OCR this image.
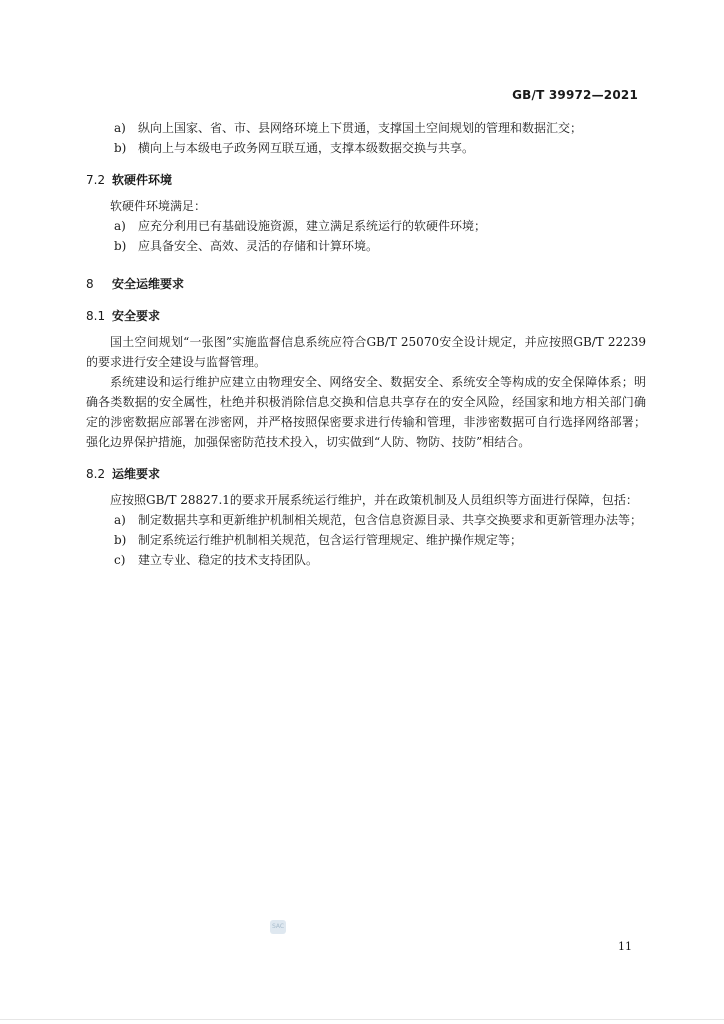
GB/T 39972—2021
a)	纵向上国家、省、市、县网络环境上下贯通，支撑国土空间规划的管理和数据汇交；
b) 横向上与本级电子政务网互联互通，支撑本级数据交换与共享。
7.2 软硬件环境

软硬件环境满足：

a)	应充分利用已有基础设施资源，建立满足系统运行的软硬件环境；
b) 应具备安全、高效、灵活的存储和计算环境。
8	安全运维要求
8.1 安全要求

国土空间规划“一张图”实施监督信息系统应符合GB/T 25070安全设计规定，并应按照GB/T 22239的要求进行安全建设与监督管理。

系统建设和运行维护应建立由物理安全、网络安全、数据安全、系统安全等构成的安全保障体系；明确各类数据的安全属性，杜绝并积极消除信息交换和信息共享存在的安全风险，经国家和地方相关部门确定的涉密数据应部署在涉密网，并严格按照保密要求进行传输和管理，非涉密数据可自行选择网络部署；强化边界保护措施，加强保密防范技术投入，切实做到“人防、物防、技防”相结合。

8.2 运维要求

应按照GB/T 28827.1的要求开展系统运行维护，并在政策机制及人员组织等方面进行保障，包括：

a)	制定数据共享和更新维护机制相关规范，包含信息资源目录、共享交换要求和更新管理办法等；
b) 制定系统运行维护机制相关规范，包含运行管理规定、维护操作规定等；
c)	建立专业、稳定的技术支持团队。
SAC
11
